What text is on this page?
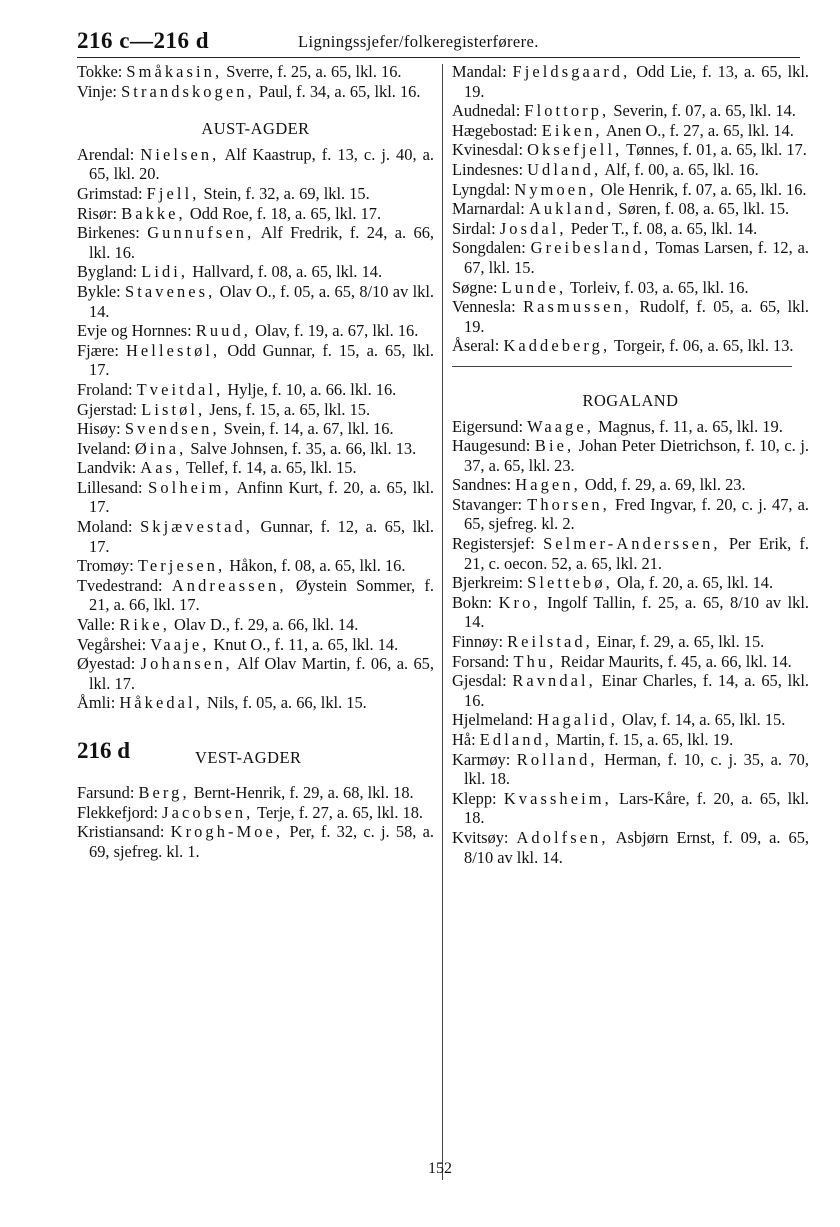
216 c—216 d	Ligningssjefer/folkeregisterførere.
Tokke: Småkasin, Sverre, f. 25, a. 65, lkl. 16.
Vinje: Strandskogen, Paul, f. 34, a. 65, lkl. 16.
AUST-AGDER
Arendal: Nielsen, Alf Kaastrup, f. 13, c. j. 40, a. 65, lkl. 20.
Grimstad: Fjell, Stein, f. 32, a. 69, lkl. 15.
Risør: Bakke, Odd Roe, f. 18, a. 65, lkl. 17.
Birkenes: Gunnufsen, Alf Fredrik, f. 24, a. 66, lkl. 16.
Bygland: Lidi, Hallvard, f. 08, a. 65, lkl. 14.
Bykle: Stavenes, Olav O., f. 05, a. 65, 8/10 av lkl. 14.
Evje og Hornnes: Ruud, Olav, f. 19, a. 67, lkl. 16.
Fjære: Hellestøl, Odd Gunnar, f. 15, a. 65, lkl. 17.
Froland: Tveitdal, Hylje, f. 10, a. 66. lkl. 16.
Gjerstad: Listøl, Jens, f. 15, a. 65, lkl. 15.
Hisøy: Svendsen, Svein, f. 14, a. 67, lkl. 16.
Iveland: Øina, Salve Johnsen, f. 35, a. 66, lkl. 13.
Landvik: Aas, Tellef, f. 14, a. 65, lkl. 15.
Lillesand: Solheim, Anfinn Kurt, f. 20, a. 65, lkl. 17.
Moland: Skjævestad, Gunnar, f. 12, a. 65, lkl. 17.
Tromøy: Terjesen, Håkon, f. 08, a. 65, lkl. 16.
Tvedestrand: Andreassen, Øystein Sommer, f. 21, a. 66, lkl. 17.
Valle: Rike, Olav D., f. 29, a. 66, lkl. 14.
Vegårshei: Vaaje, Knut O., f. 11, a. 65, lkl. 14.
Øyestad: Johansen, Alf Olav Martin, f. 06, a. 65, lkl. 17.
Åmli: Håkedal, Nils, f. 05, a. 66, lkl. 15.
216 d	VEST-AGDER
Farsund: Berg, Bernt-Henrik, f. 29, a. 68, lkl. 18.
Flekkefjord: Jacobsen, Terje, f. 27, a. 65, lkl. 18.
Kristiansand: Krogh-Moe, Per, f. 32, c. j. 58, a. 69, sjefreg. kl. 1.
Mandal: Fjeldsgaard, Odd Lie, f. 13, a. 65, lkl. 19.
Audnedal: Flottorp, Severin, f. 07, a. 65, lkl. 14.
Hægebostad: Eiken, Anen O., f. 27, a. 65, lkl. 14.
Kvinesdal: Oksefjell, Tønnes, f. 01, a. 65, lkl. 17.
Lindesnes: Udland, Alf, f. 00, a. 65, lkl. 16.
Lyngdal: Nymoen, Ole Henrik, f. 07, a. 65, lkl. 16.
Marnardal: Aukland, Søren, f. 08, a. 65, lkl. 15.
Sirdal: Josdal, Peder T., f. 08, a. 65, lkl. 14.
Songdalen: Greibesland, Tomas Larsen, f. 12, a. 67, lkl. 15.
Søgne: Lunde, Torleiv, f. 03, a. 65, lkl. 16.
Vennesla: Rasmussen, Rudolf, f. 05, a. 65, lkl. 19.
Åseral: Kaddeberg, Torgeir, f. 06, a. 65, lkl. 13.
ROGALAND
Eigersund: Waage, Magnus, f. 11, a. 65, lkl. 19.
Haugesund: Bie, Johan Peter Dietrichson, f. 10, c. j. 37, a. 65, lkl. 23.
Sandnes: Hagen, Odd, f. 29, a. 69, lkl. 23.
Stavanger: Thorsen, Fred Ingvar, f. 20, c. j. 47, a. 65, sjefreg. kl. 2.
Registersjef: Selmer-Anderssen, Per Erik, f. 21, c. oecon. 52, a. 65, lkl. 21.
Bjerkreim: Slettebø, Ola, f. 20, a. 65, lkl. 14.
Bokn: Kro, Ingolf Tallin, f. 25, a. 65, 8/10 av lkl. 14.
Finnøy: Reilstad, Einar, f. 29, a. 65, lkl. 15.
Forsand: Thu, Reidar Maurits, f. 45, a. 66, lkl. 14.
Gjesdal: Ravndal, Einar Charles, f. 14, a. 65, lkl. 16.
Hjelmeland: Hagalid, Olav, f. 14, a. 65, lkl. 15.
Hå: Edland, Martin, f. 15, a. 65, lkl. 19.
Karmøy: Rolland, Herman, f. 10, c. j. 35, a. 70, lkl. 18.
Klepp: Kvassheim, Lars-Kåre, f. 20, a. 65, lkl. 18.
Kvitsøy: Adolfsen, Asbjørn Ernst, f. 09, a. 65, 8/10 av lkl. 14.
152
